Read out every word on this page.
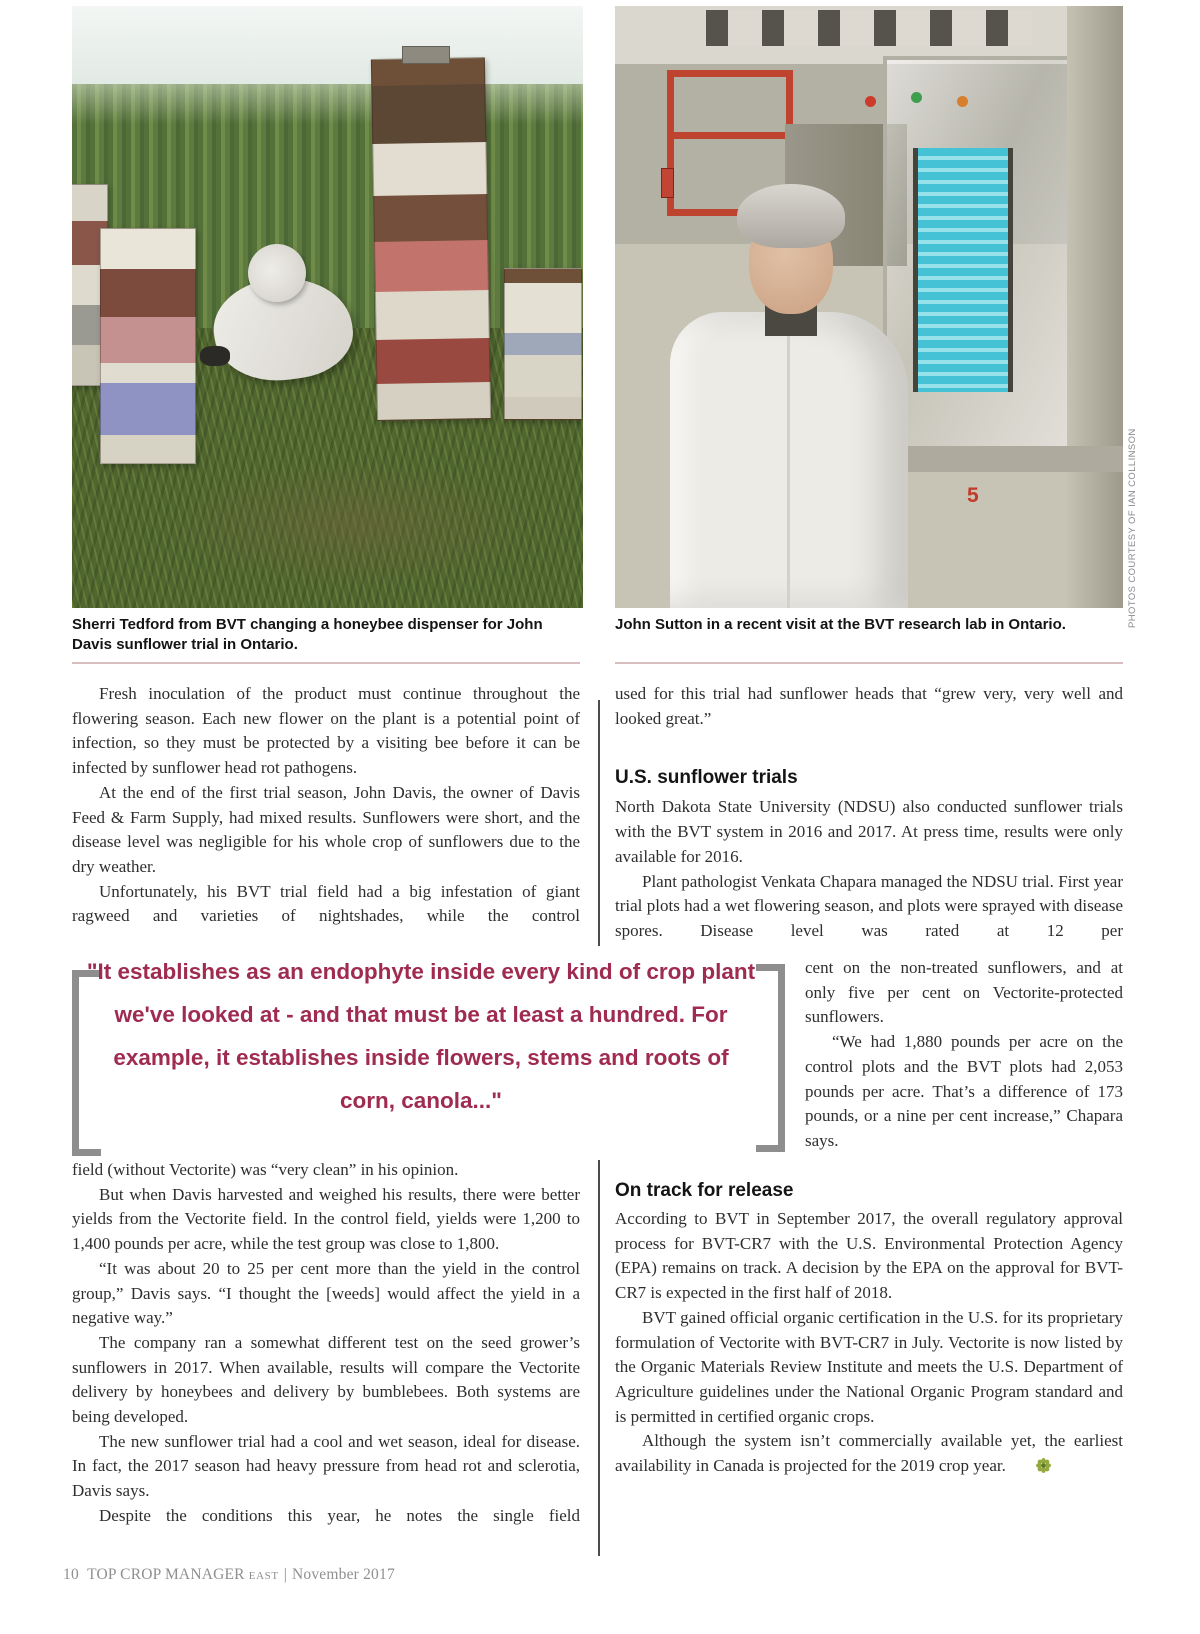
5	PHOTOS COURTESY OF IAN COLLINSON
Sherri Tedford from BVT changing a honeybee dispenser for John Davis sunflower trial in Ontario.
John Sutton in a recent visit at the BVT research lab in Ontario.

Fresh inoculation of the product must continue throughout the flowering season. Each new flower on the plant is a potential point of infection, so they must be protected by a visiting bee before it can be infected by sunflower head rot pathogens.

At the end of the first trial season, John Davis, the owner of Davis Feed & Farm Supply, had mixed results. Sunflowers were short, and the disease level was negligible for his whole crop of sunflowers due to the dry weather.

Unfortunately, his BVT trial field had a big infestation of giant ragweed and varieties of nightshades, while the control

used for this trial had sunflower heads that “grew very, very well and looked great.”

U.S. sunflower trials

North Dakota State University (NDSU) also conducted sunflower trials with the BVT system in 2016 and 2017. At press time, results were only available for 2016.

Plant pathologist Venkata Chapara managed the NDSU trial. First year trial plots had a wet flowering season, and plots were sprayed with disease spores. Disease level was rated at 12 per

cent on the non-treated sunflowers, and at only five per cent on Vectorite-protected sunflowers.

“We had 1,880 pounds per acre on the control plots and the BVT plots had 2,053 pounds per acre. That’s a difference of 173 pounds, or a nine per cent increase,” Chapara says.

"It establishes as an endophyte inside every kind of crop plant we've looked at - and that must be at least a hundred. For example, it establishes inside flowers, stems and roots of corn, canola..."

field (without Vectorite) was “very clean” in his opinion.

But when Davis harvested and weighed his results, there were better yields from the Vectorite field. In the control field, yields were 1,200 to 1,400 pounds per acre, while the test group was close to 1,800.

“It was about 20 to 25 per cent more than the yield in the control group,” Davis says. “I thought the [weeds] would affect the yield in a negative way.”

The company ran a somewhat different test on the seed grower’s sunflowers in 2017. When available, results will compare the Vectorite delivery by honeybees and delivery by bumblebees. Both systems are being developed.

The new sunflower trial had a cool and wet season, ideal for disease. In fact, the 2017 season had heavy pressure from head rot and sclerotia, Davis says.

Despite the conditions this year, he notes the single field

On track for release

According to BVT in September 2017, the overall regulatory approval process for BVT-CR7 with the U.S. Environmental Protection Agency (EPA) remains on track. A decision by the EPA on the approval for BVT-CR7 is expected in the first half of 2018.

BVT gained official organic certification in the U.S. for its proprietary formulation of Vectorite with BVT-CR7 in July. Vectorite is now listed by the Organic Materials Review Institute and meets the U.S. Department of Agriculture guidelines under the National Organic Program standard and is permitted in certified organic crops.

Although the system isn’t commercially available yet, the earliest availability in Canada is projected for the 2019 crop year.

10 TOP CROP MANAGER EAST | November 2017
